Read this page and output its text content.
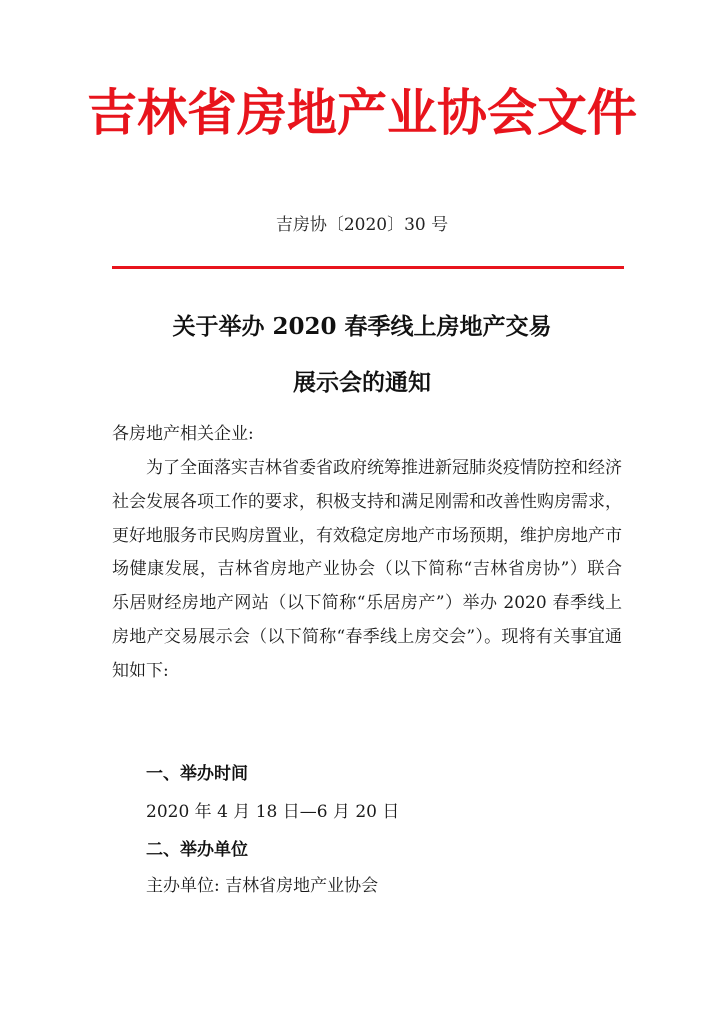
吉林省房地产业协会文件
吉房协〔2020〕30 号
关于举办 2020 春季线上房地产交易
展示会的通知
各房地产相关企业:
为了全面落实吉林省委省政府统筹推进新冠肺炎疫情防控和经济社会发展各项工作的要求，积极支持和满足刚需和改善性购房需求，更好地服务市民购房置业，有效稳定房地产市场预期，维护房地产市场健康发展，吉林省房地产业协会（以下简称“吉林省房协”）联合乐居财经房地产网站（以下简称“乐居房产”）举办 2020 春季线上房地产交易展示会（以下简称“春季线上房交会”）。现将有关事宜通知如下:
一、举办时间
2020 年 4 月 18 日—6 月 20 日
二、举办单位
主办单位: 吉林省房地产业协会
